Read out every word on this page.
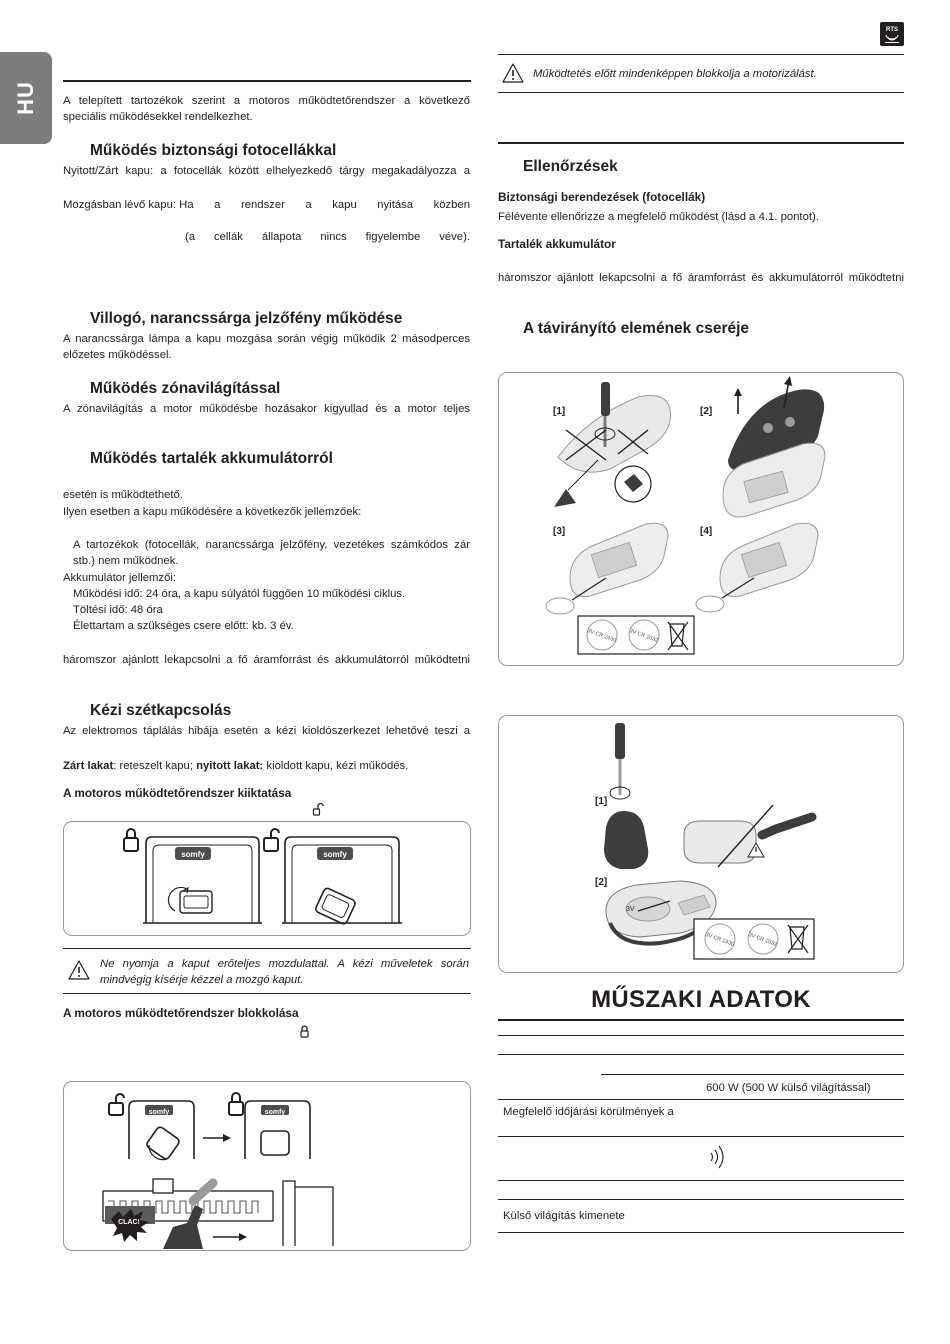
HU	A telepített tartozékok szerint a motoros működtetőrendszer a következő
speciális működésekkel rendelkezhet.
Működés biztonsági fotocellákkal
Nyitott/Zárt kapu: a fotocellák között elhelyezkedő tárgy megakadályozza a
Mozgásban lévő kapu: Ha a rendszer a kapu nyitása közben
(a cellák állapota nincs figyelembe véve).
Villogó, narancssárga jelzőfény működése
A narancssárga lámpa a kapu mozgása során végig működik 2 másodperces
előzetes működéssel.
Működés zónavilágítással
A zónavilágítás a motor működésbe hozásakor kigyullad és a motor teljes
Működés tartalék akkumulátorról
esetén is működtethető.
Ilyen esetben a kapu működésére a következők jellemzőek:
A tartozékok (fotocellák, narancssárga jelzőfény, vezetékes számkódos zár
stb.) nem működnek.
Akkumulátor jellemzői:
Működési idő: 24 óra, a kapu súlyától függően 10 működési ciklus.
Töltési idő: 48 óra
Élettartam a szükséges csere előtt: kb. 3 év.
háromszor ajánlott lekapcsolni a fő áramforrást és akkumulátorról működtetni
Kézi szétkapcsolás
Az elektromos táplálás hibája esetén a kézi kioldószerkezet lehetővé teszi a
Zárt lakat: reteszelt kapu; nyitott lakat: kioldott kapu, kézi működés.
A motoros működtetőrendszer kiiktatása
somfy	somfy
Ne nyomja a kaput erőteljes mozdulattal. A kézi műveletek során
mindvégig kísérje kézzel a mozgó kaput.
A motoros működtetőrendszer blokkolása
somfy	somfy
CLAC!
RTS
Működtetés előtt mindenképpen blokkolja a motorizálást.
Ellenőrzések
Biztonsági berendezések (fotocellák)
Félévente ellenőrizze a megfelelő működést (lásd a 4.1. pontot).
Tartalék akkumulátor
háromszor ajánlott lekapcsolni a fő áramforrást és akkumulátorról működtetni
A távirányító elemének cseréje
[1]	[2]
[3]	[4]
3V CR 2430 3V CR 2032
[1]
[2]
3V
3V CR 2430 3V CR 2032
MŰSZAKI ADATOK
600 W (500 W külső világítással)
Megfelelő időjárási körülmények a
Külső világítás kimenete
